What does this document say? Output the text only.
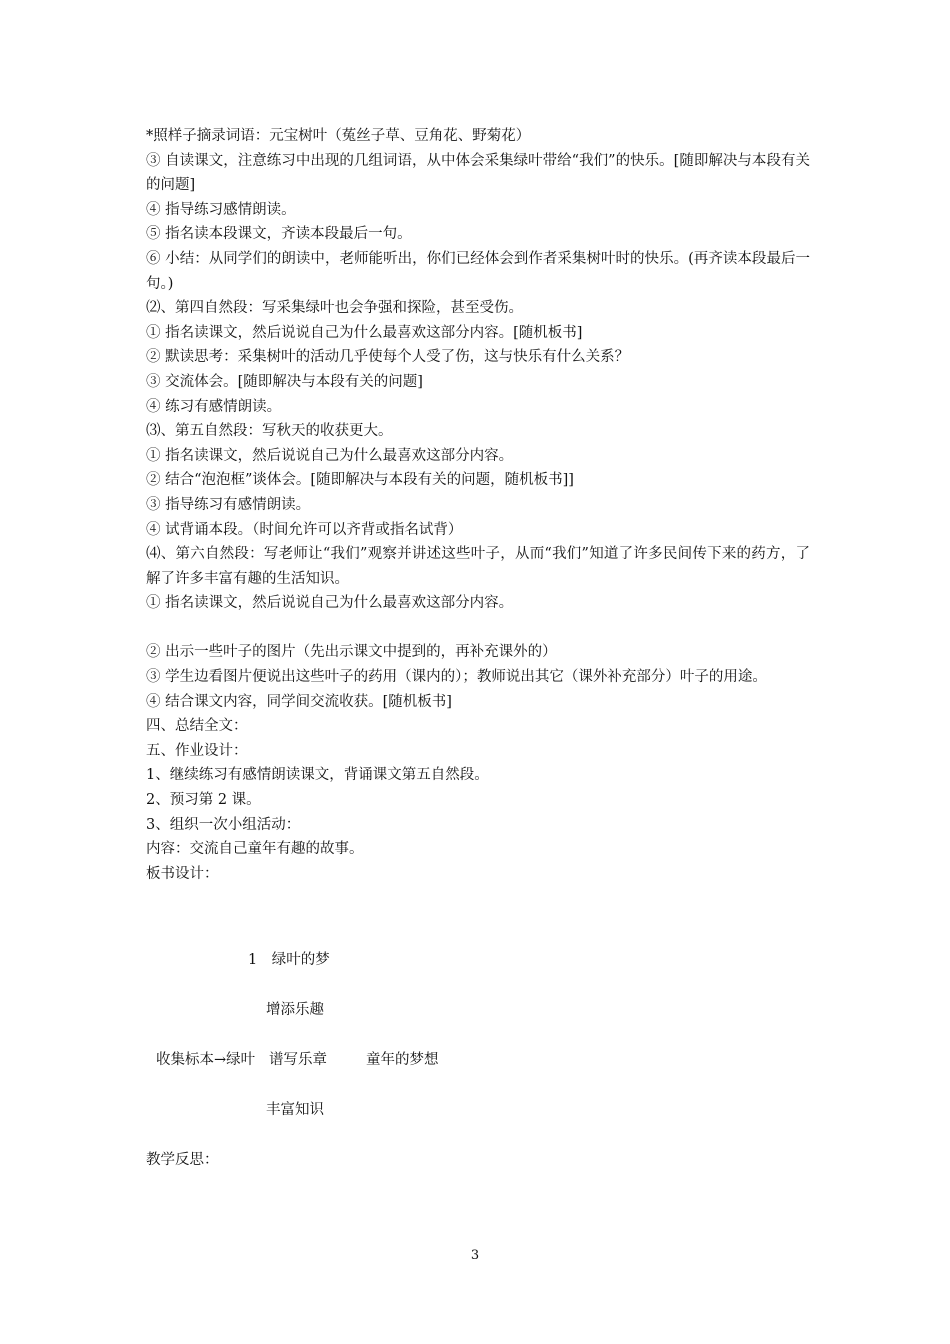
*照样子摘录词语：元宝树叶（菟丝子草、豆角花、野菊花）

③ 自读课文，注意练习中出现的几组词语，从中体会采集绿叶带给“我们”的快乐。[随即解决与本段有关的问题]

④ 指导练习感情朗读。

⑤ 指名读本段课文，齐读本段最后一句。

⑥ 小结：从同学们的朗读中，老师能听出，你们已经体会到作者采集树叶时的快乐。(再齐读本段最后一句。)

⑵、第四自然段：写采集绿叶也会争强和探险，甚至受伤。

① 指名读课文，然后说说自己为什么最喜欢这部分内容。[随机板书]

② 默读思考：采集树叶的活动几乎使每个人受了伤，这与快乐有什么关系？

③ 交流体会。[随即解决与本段有关的问题]

④ 练习有感情朗读。

⑶、第五自然段：写秋天的收获更大。

① 指名读课文，然后说说自己为什么最喜欢这部分内容。

② 结合“泡泡框”谈体会。[随即解决与本段有关的问题，随机板书]]

③ 指导练习有感情朗读。

④ 试背诵本段。（时间允许可以齐背或指名试背）

⑷、第六自然段：写老师让“我们”观察并讲述这些叶子，从而“我们”知道了许多民间传下来的药方，了解了许多丰富有趣的生活知识。

① 指名读课文，然后说说自己为什么最喜欢这部分内容。

② 出示一些叶子的图片（先出示课文中提到的，再补充课外的）

③ 学生边看图片便说出这些叶子的药用（课内的）；教师说出其它（课外补充部分）叶子的用途。

④ 结合课文内容，同学间交流收获。[随机板书]

四、总结全文：

五、作业设计：

1、继续练习有感情朗读课文，背诵课文第五自然段。

2、预习第 2 课。

3、组织一次小组活动：

内容：交流自己童年有趣的故事。

板书设计：

1　绿叶的梦
增添乐趣
收集标本→绿叶 谱写乐章	童年的梦想
丰富知识
教学反思：
3
